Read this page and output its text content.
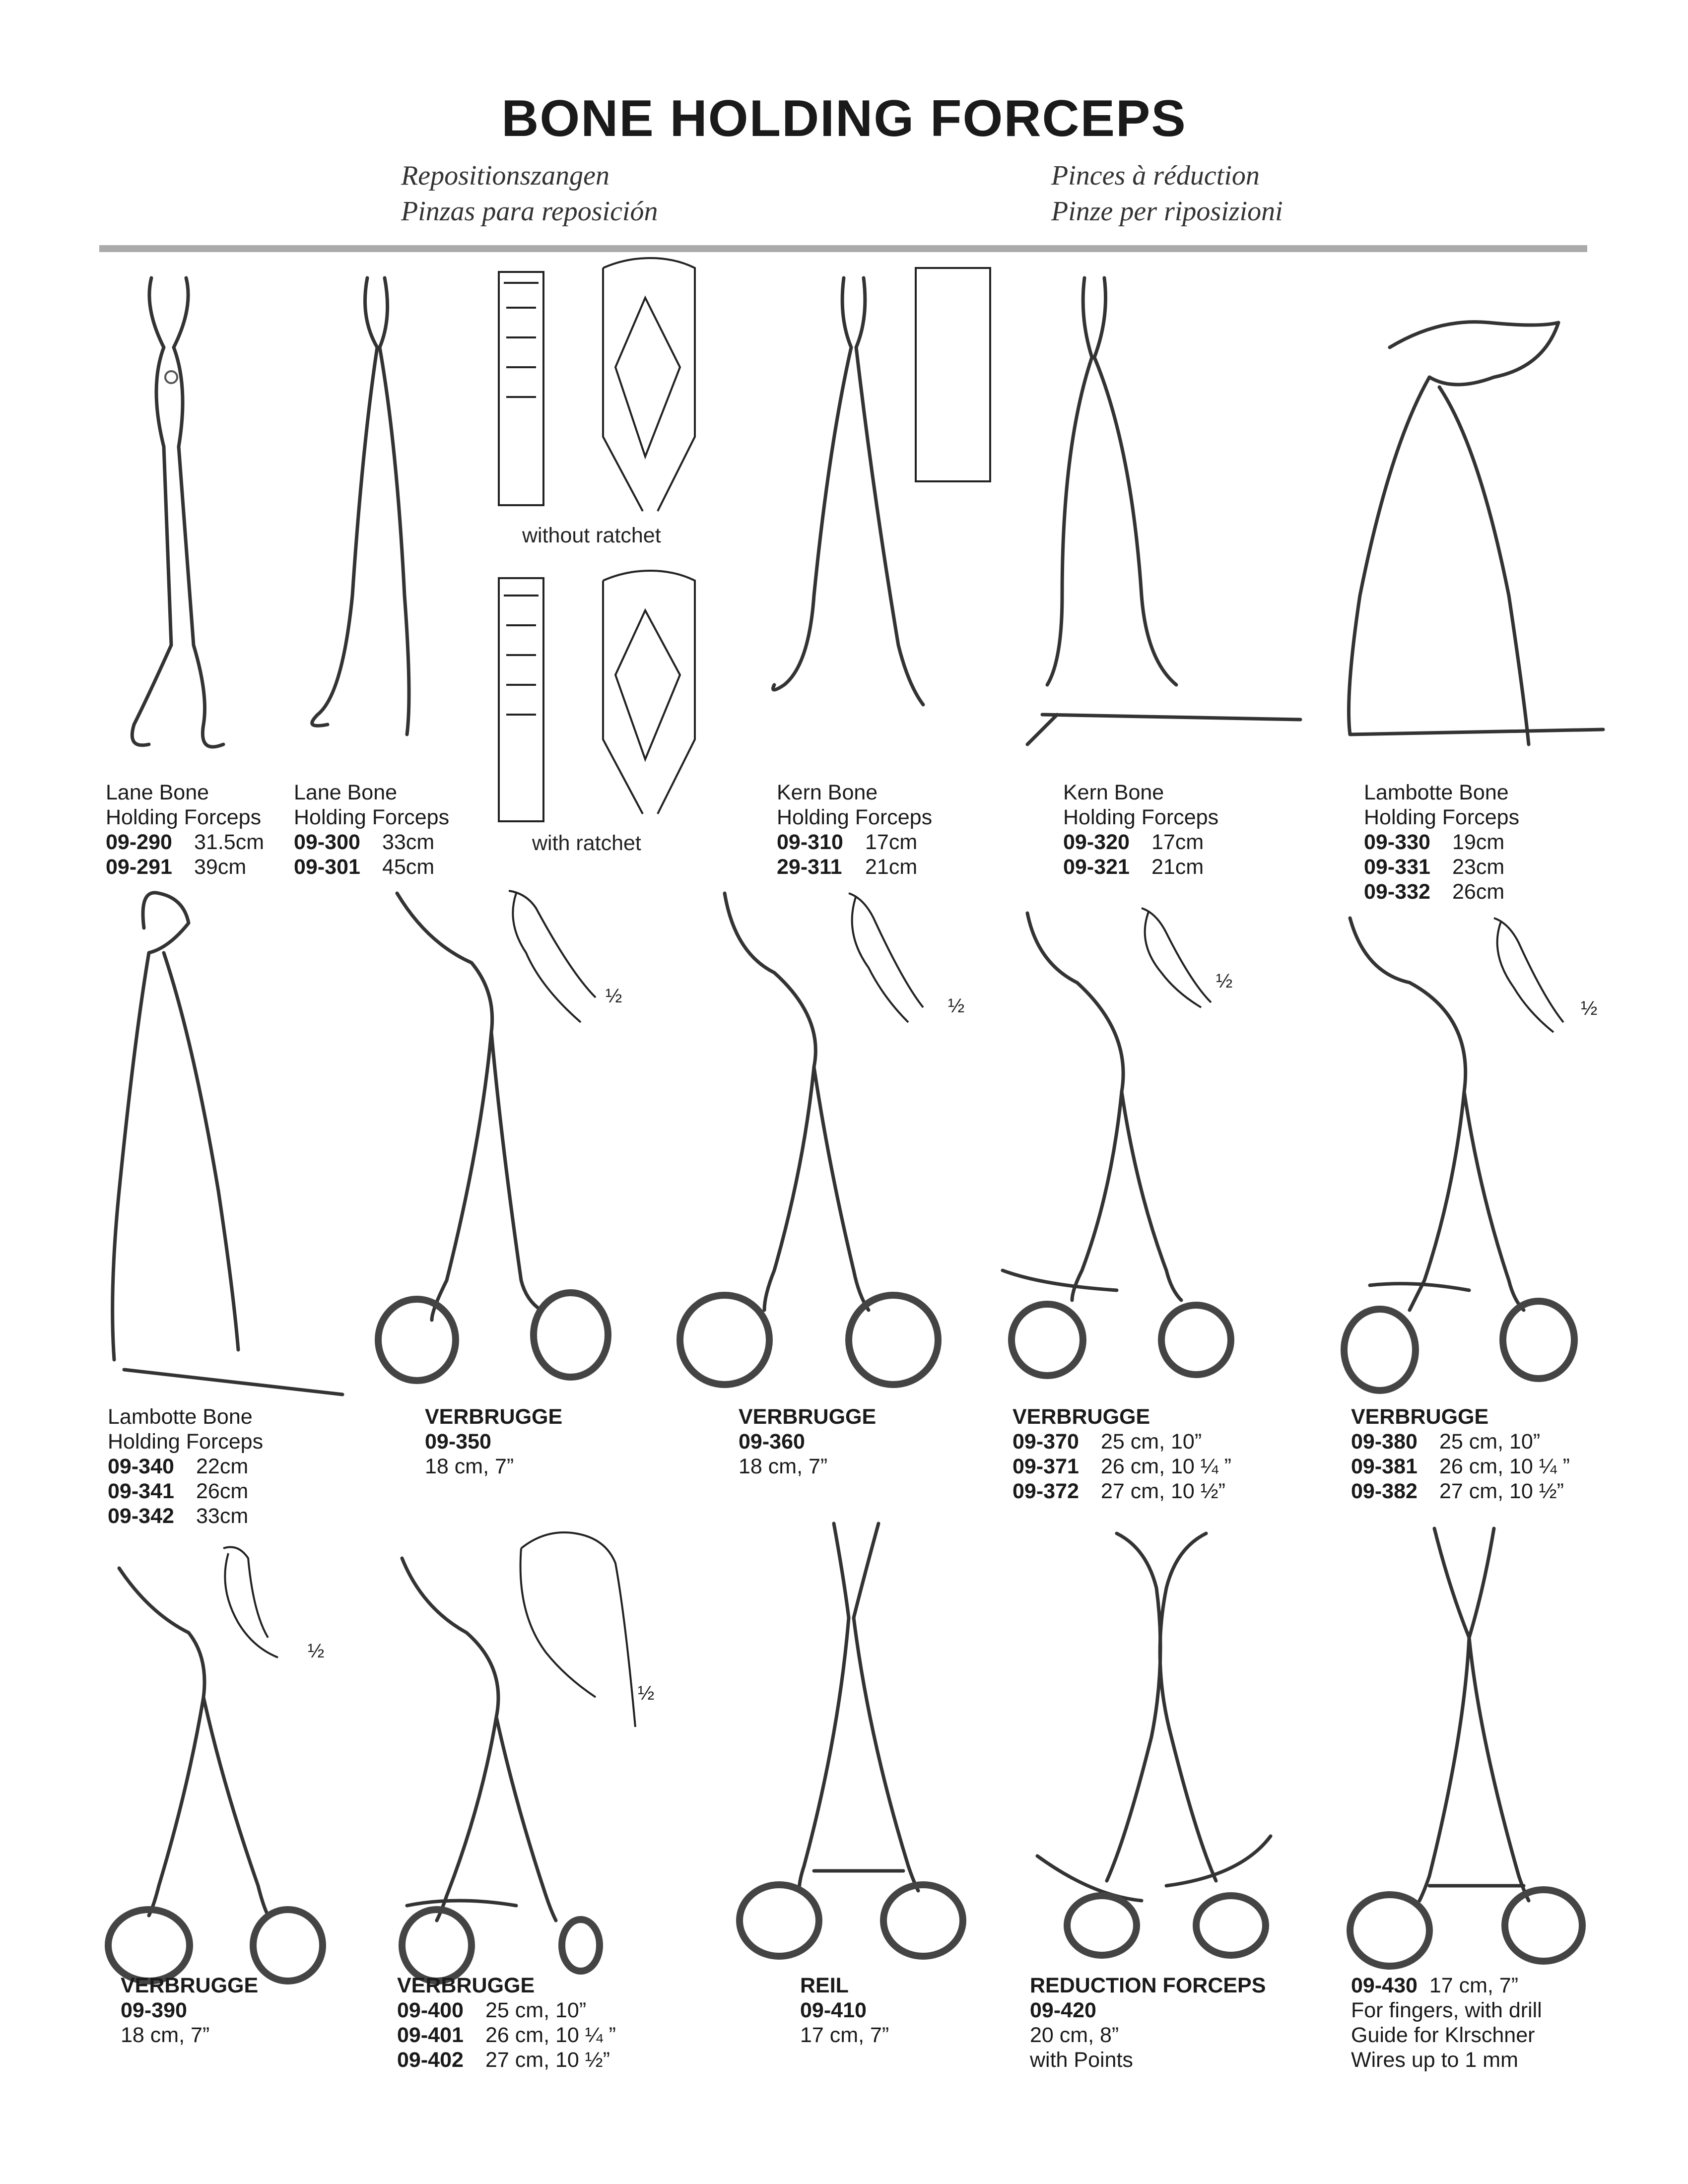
BONE HOLDING FORCEPS
Repositionszangen
Pinzas para reposición
Pinces à réduction
Pinze per riposizioni
½	½
½
½
½
½
without ratchet
with ratchet
Lane Bone
Holding Forceps
09-290 31.5cm
09-291 39cm
Lane Bone
Holding Forceps
09-300 33cm
09-301 45cm
Kern Bone
Holding Forceps
09-310 17cm
29-311 21cm
Kern Bone
Holding Forceps
09-320 17cm
09-321 21cm
Lambotte Bone
Holding Forceps
09-330 19cm
09-331 23cm
09-332 26cm
Lambotte Bone
Holding Forceps
09-340 22cm
09-341 26cm
09-342 33cm
VERBRUGGE
09-350
18 cm, 7”
VERBRUGGE
09-360
18 cm, 7”
VERBRUGGE
09-370 25 cm, 10”
09-371 26 cm, 10 ¼ ”
09-372 27 cm, 10 ½”
VERBRUGGE
09-380 25 cm, 10”
09-381 26 cm, 10 ¼ ”
09-382 27 cm, 10 ½”
VERBRUGGE
09-390
18 cm, 7”
VERBRUGGE
09-400 25 cm, 10”
09-401 26 cm, 10 ¼ ”
09-402 27 cm, 10 ½”
REIL
09-410
17 cm, 7”
REDUCTION FORCEPS
09-420
20 cm, 8”
with Points
09-430 17 cm, 7”
For fingers, with drill
Guide for Klrschner
Wires up to 1 mm
